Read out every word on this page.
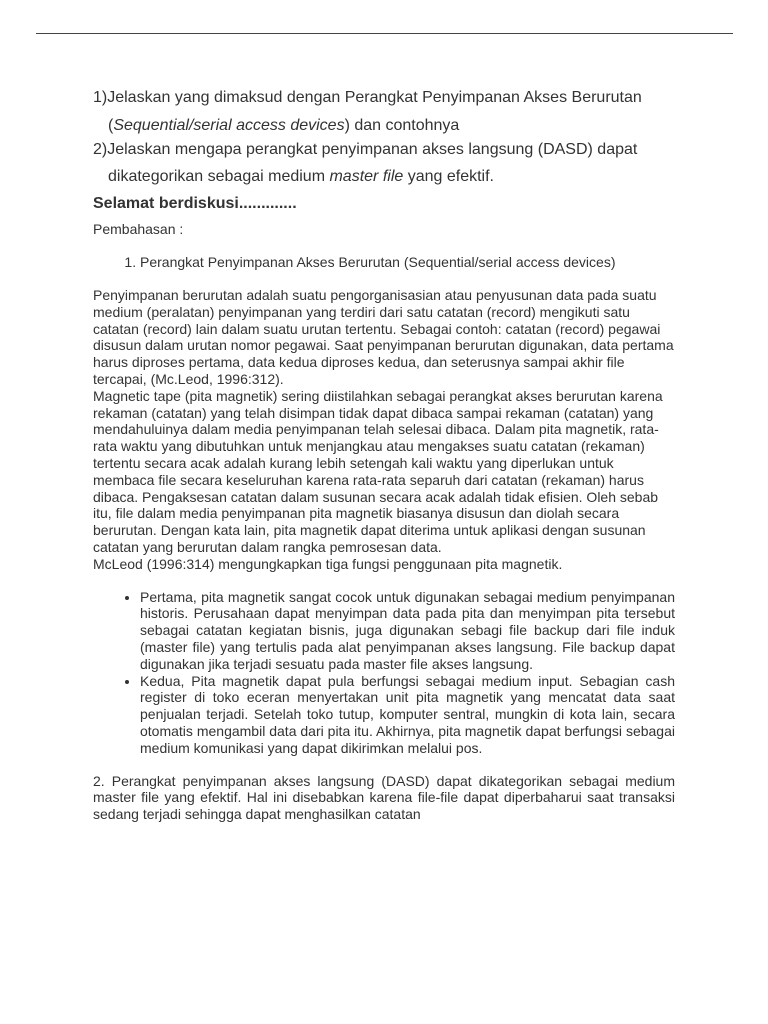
1)Jelaskan yang dimaksud dengan Perangkat Penyimpanan Akses Berurutan

(Sequential/serial access devices) dan contohnya

2)Jelaskan mengapa perangkat penyimpanan akses langsung (DASD) dapat

dikategorikan sebagai medium master file yang efektif.

Selamat berdiskusi.............

Pembahasan :

1. Perangkat Penyimpanan Akses Berurutan (Sequential/serial access devices)

Penyimpanan berurutan adalah suatu pengorganisasian atau penyusunan data pada suatu medium (peralatan) penyimpanan yang terdiri dari satu catatan (record) mengikuti satu catatan (record) lain dalam suatu urutan tertentu. Sebagai contoh: catatan (record) pegawai disusun dalam urutan nomor pegawai. Saat penyimpanan berurutan digunakan, data pertama harus diproses pertama, data kedua diproses kedua, dan seterusnya sampai akhir file tercapai, (Mc.Leod, 1996:312).

Magnetic tape (pita magnetik) sering diistilahkan sebagai perangkat akses berurutan karena rekaman (catatan) yang telah disimpan tidak dapat dibaca sampai rekaman (catatan) yang mendahuluinya dalam media penyimpanan telah selesai dibaca. Dalam pita magnetik, rata-rata waktu yang dibutuhkan untuk menjangkau atau mengakses suatu catatan (rekaman) tertentu secara acak adalah kurang lebih setengah kali waktu yang diperlukan untuk membaca file secara keseluruhan karena rata-rata separuh dari catatan (rekaman) harus dibaca. Pengaksesan catatan dalam susunan secara acak adalah tidak efisien. Oleh sebab itu, file dalam media penyimpanan pita magnetik biasanya disusun dan diolah secara berurutan. Dengan kata lain, pita magnetik dapat diterima untuk aplikasi dengan susunan catatan yang berurutan dalam rangka pemrosesan data.

McLeod (1996:314) mengungkapkan tiga fungsi penggunaan pita magnetik.

• Pertama, pita magnetik sangat cocok untuk digunakan sebagai medium penyimpanan historis. Perusahaan dapat menyimpan data pada pita dan menyimpan pita tersebut sebagai catatan kegiatan bisnis, juga digunakan sebagi file backup dari file induk (master file) yang tertulis pada alat penyimpanan akses langsung. File backup dapat digunakan jika terjadi sesuatu pada master file akses langsung.
• Kedua, Pita magnetik dapat pula berfungsi sebagai medium input. Sebagian cash register di toko eceran menyertakan unit pita magnetik yang mencatat data saat penjualan terjadi. Setelah toko tutup, komputer sentral, mungkin di kota lain, secara otomatis mengambil data dari pita itu. Akhirnya, pita magnetik dapat berfungsi sebagai medium komunikasi yang dapat dikirimkan melalui pos.

2. Perangkat penyimpanan akses langsung (DASD) dapat dikategorikan sebagai medium master file yang efektif. Hal ini disebabkan karena file-file dapat diperbaharui saat transaksi sedang terjadi sehingga dapat menghasilkan catatan
